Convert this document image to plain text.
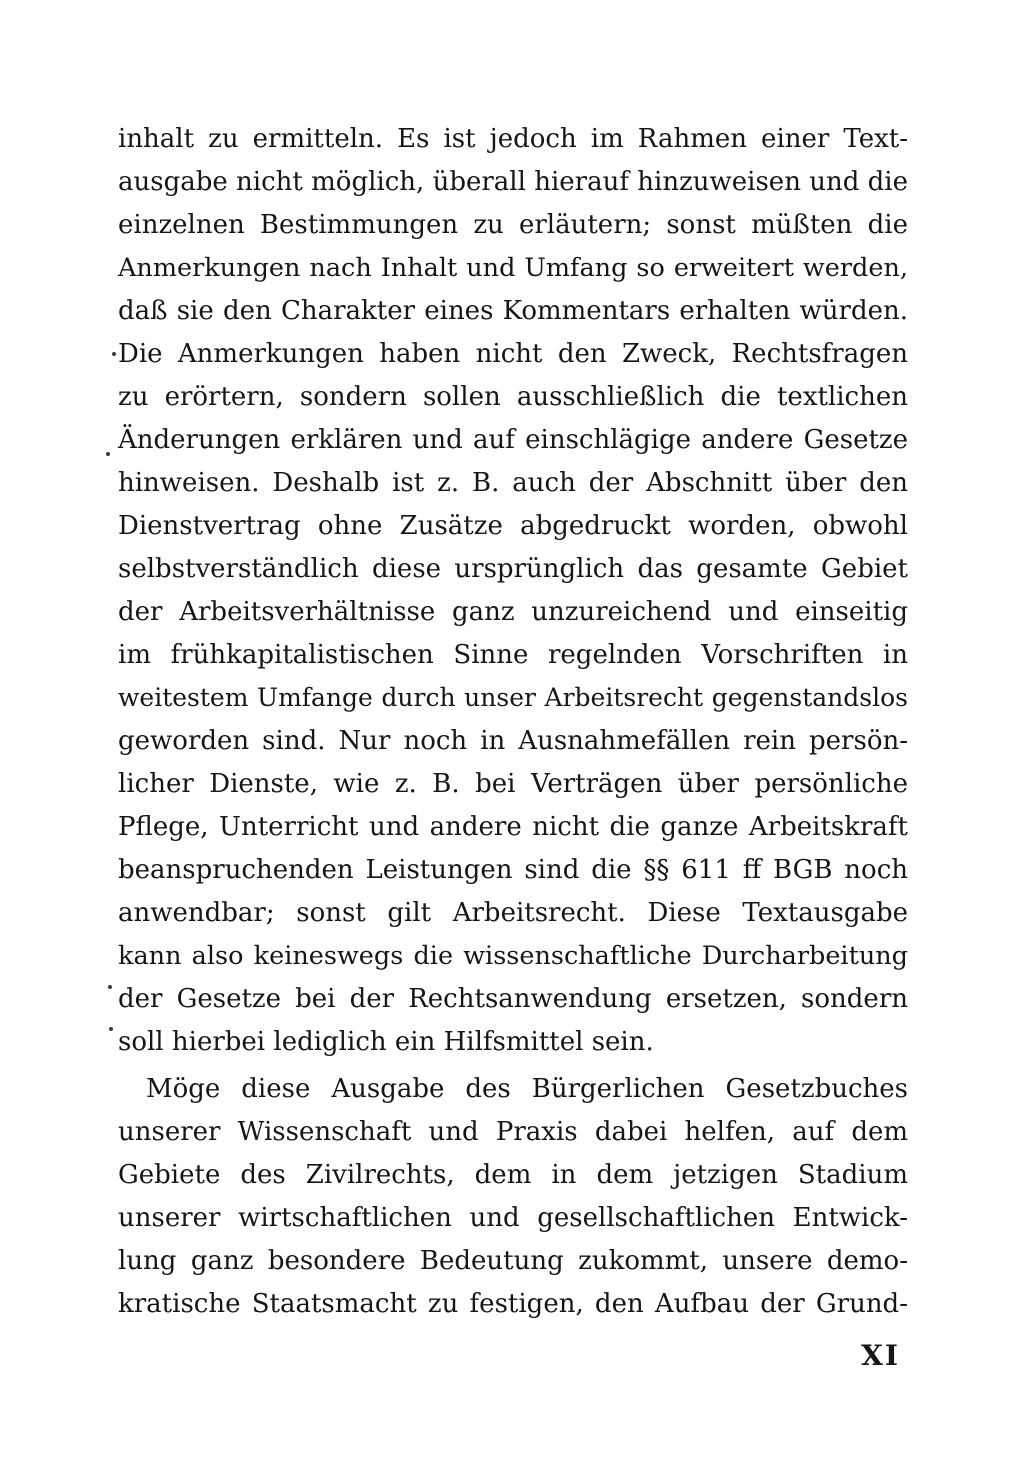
inhalt zu ermitteln. Es ist jedoch im Rahmen einer Text-
ausgabe nicht möglich, überall hierauf hinzuweisen und die
einzelnen Bestimmungen zu erläutern; sonst müßten die
Anmerkungen nach Inhalt und Umfang so erweitert werden,
daß sie den Charakter eines Kommentars erhalten würden.
Die Anmerkungen haben nicht den Zweck, Rechtsfragen
zu erörtern, sondern sollen ausschließlich die textlichen
Änderungen erklären und auf einschlägige andere Gesetze
hinweisen. Deshalb ist z. B. auch der Abschnitt über den
Dienstvertrag ohne Zusätze abgedruckt worden, obwohl
selbstverständlich diese ursprünglich das gesamte Gebiet
der Arbeitsverhältnisse ganz unzureichend und einseitig
im frühkapitalistischen Sinne regelnden Vorschriften in
weitestem Umfange durch unser Arbeitsrecht gegenstandslos
geworden sind. Nur noch in Ausnahmefällen rein persön-
licher Dienste, wie z. B. bei Verträgen über persönliche
Pflege, Unterricht und andere nicht die ganze Arbeitskraft
beanspruchenden Leistungen sind die §§ 611 ff BGB noch
anwendbar; sonst gilt Arbeitsrecht. Diese Textausgabe
kann also keineswegs die wissenschaftliche Durcharbeitung
der Gesetze bei der Rechtsanwendung ersetzen, sondern
soll hierbei lediglich ein Hilfsmittel sein.
Möge diese Ausgabe des Bürgerlichen Gesetzbuches
unserer Wissenschaft und Praxis dabei helfen, auf dem
Gebiete des Zivilrechts, dem in dem jetzigen Stadium
unserer wirtschaftlichen und gesellschaftlichen Entwick-
lung ganz besondere Bedeutung zukommt, unsere demo-
kratische Staatsmacht zu festigen, den Aufbau der Grund-
XI
